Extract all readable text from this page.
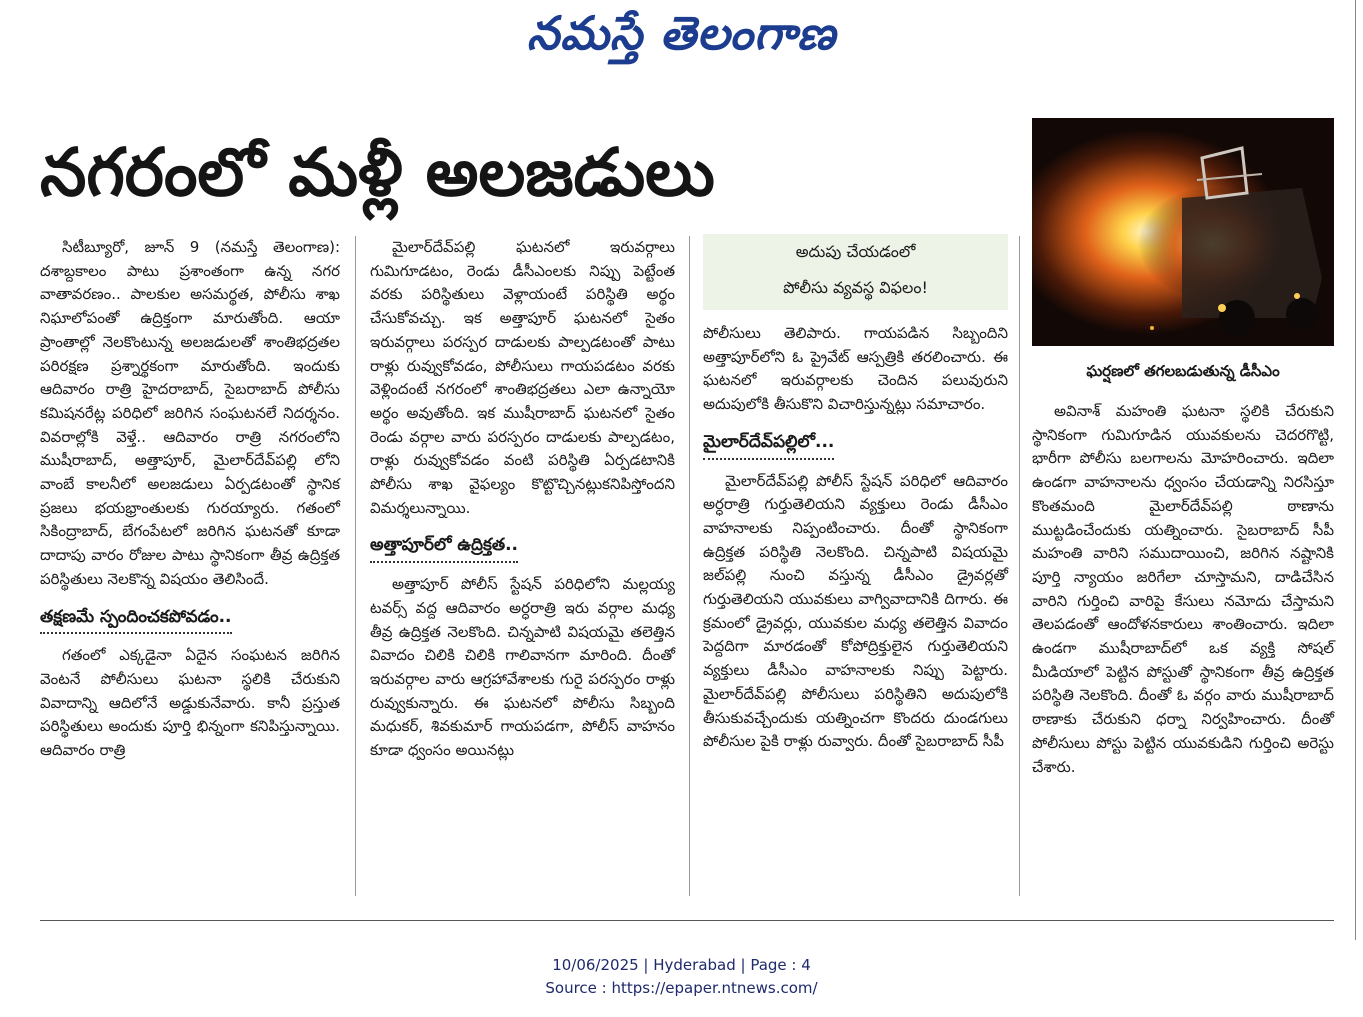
నమస్తే తెలంగాణ
నగరంలో మళ్లీ అలజడులు

సిటీబ్యూరో, జూన్ 9 (నమస్తే తెలంగాణ): దశాబ్దకాలం పాటు ప్రశాంతంగా ఉన్న నగర వాతావరణం.. పాలకుల అసమర్థత, పోలీసు శాఖ నిఘాలోపంతో ఉద్రిక్తంగా మారుతోంది. ఆయా ప్రాంతాల్లో నెలకొంటున్న అలజడులతో శాంతిభద్రతల పరిరక్షణ ప్రశ్నార్థకంగా మారుతోంది. ఇందుకు ఆదివారం రాత్రి హైదరాబాద్, సైబరాబాద్ పోలీసు కమిషనరేట్ల పరిధిలో జరిగిన సంఘటనలే నిదర్శనం. వివరాల్లోకి వెళ్తే.. ఆదివారం రాత్రి నగరంలోని ముషీరాబాద్, అత్తాపూర్, మైలార్‌దేవ్‌పల్లి లోని వాంబే కాలనీలో అలజడులు ఏర్పడటంతో స్థానిక ప్రజలు భయభ్రాంతులకు గురయ్యారు. గతంలో సికింద్రాబాద్, బేగంపేటలో జరిగిన ఘటనతో కూడా దాదాపు వారం రోజుల పాటు స్థానికంగా తీవ్ర ఉద్రిక్తత పరిస్థితులు నెలకొన్న విషయం తెలిసిందే.

తక్షణమే స్పందించకపోవడం..

గతంలో ఎక్కడైనా ఏదైన సంఘటన జరిగిన వెంటనే పోలీసులు ఘటనా స్థలికి చేరుకుని వివాదాన్ని ఆదిలోనే అడ్డుకునేవారు. కానీ ప్రస్తుత పరిస్థితులు అందుకు పూర్తి భిన్నంగా కనిపిస్తున్నాయి. ఆదివారం రాత్రి

మైలార్‌దేవ్‌పల్లి ఘటనలో ఇరువర్గాలు గుమిగూడటం, రెండు డీసీఎంలకు నిప్పు పెట్టేంత వరకు పరిస్థితులు వెళ్లాయంటే పరిస్థితి అర్థం చేసుకోవచ్చు. ఇక అత్తాపూర్ ఘటనలో సైతం ఇరువర్గాలు పరస్పర దాడులకు పాల్పడటంతో పాటు రాళ్లు రువ్వుకోవడం, పోలీసులు గాయపడటం వరకు వెళ్లిందంటే నగరంలో శాంతిభద్రతలు ఎలా ఉన్నాయో అర్థం అవుతోంది. ఇక ముషీరాబాద్ ఘటనలో సైతం రెండు వర్గాల వారు పరస్పరం దాడులకు పాల్పడటం, రాళ్లు రువ్వుకోవడం వంటి పరిస్థితి ఏర్పడటానికి పోలీసు శాఖ వైఫల్యం కొట్టొచ్చినట్లుకనిపిస్తోందని విమర్శలున్నాయి.

అత్తాపూర్‌లో ఉద్రిక్తత..

అత్తాపూర్ పోలీస్ స్టేషన్ పరిధిలోని మల్లయ్య టవర్స్ వద్ద ఆదివారం అర్ధరాత్రి ఇరు వర్గాల మధ్య తీవ్ర ఉద్రిక్తత నెలకొంది. చిన్నపాటి విషయమై తలెత్తిన వివాదం చిలికి చిలికి గాలివానగా మారింది. దీంతో ఇరువర్గాల వారు ఆగ్రహావేశాలకు గురై పరస్పరం రాళ్లు రువ్వుకున్నారు. ఈ ఘటనలో పోలీసు సిబ్బంది మధుకర్, శివకుమార్ గాయపడగా, పోలీస్ వాహనం కూడా ధ్వంసం అయినట్లు

అదుపు చేయడంలో
పోలీసు వ్యవస్థ విఫలం!

పోలీసులు తెలిపారు. గాయపడిన సిబ్బందిని అత్తాపూర్‌లోని ఓ ప్రైవేట్ ఆస్పత్రికి తరలించారు. ఈ ఘటనలో ఇరువర్గాలకు చెందిన పలువురుని అదుపులోకి తీసుకొని విచారిస్తున్నట్లు సమాచారం.

మైలార్‌దేవ్‌పల్లిలో...

మైలార్‌దేవ్‌పల్లి పోలీస్ స్టేషన్ పరిధిలో ఆదివారం అర్ధరాత్రి గుర్తుతెలియని వ్యక్తులు రెండు డీసీఎం వాహనాలకు నిప్పంటించారు. దీంతో స్థానికంగా ఉద్రిక్తత పరిస్థితి నెలకొంది. చిన్నపాటి విషయమై జల్‌పల్లి నుంచి వస్తున్న డీసీఎం డ్రైవర్లతో గుర్తుతెలియని యువకులు వాగ్వివాదానికి దిగారు. ఈ క్రమంలో డ్రైవర్లు, యువకుల మధ్య తలెత్తిన వివాదం పెద్దదిగా మారడంతో కోపోద్రిక్తులైన గుర్తుతెలియని వ్యక్తులు డీసీఎం వాహనాలకు నిప్పు పెట్టారు. మైలార్‌దేవ్‌పల్లి పోలీసులు పరిస్థితిని అదుపులోకి తీసుకువచ్చేందుకు యత్నించగా కొందరు దుండగులు పోలీసుల పైకి రాళ్లు రువ్వారు. దీంతో సైబరాబాద్ సీపీ

ఘర్షణలో తగలబడుతున్న డీసీఎం

అవినాశ్ మహంతి ఘటనా స్థలికి చేరుకుని స్థానికంగా గుమిగూడిన యువకులను చెదరగొట్టి, భారీగా పోలీసు బలగాలను మోహరించారు. ఇదిలా ఉండగా వాహనాలను ధ్వంసం చేయడాన్ని నిరసిస్తూ కొంతమంది మైలార్‌దేవ్‌పల్లి ఠాణాను ముట్టడించేందుకు యత్నించారు. సైబరాబాద్ సీపీ మహంతి వారిని సముదాయించి, జరిగిన నష్టానికి పూర్తి న్యాయం జరిగేలా చూస్తామని, దాడిచేసిన వారిని గుర్తించి వారిపై కేసులు నమోదు చేస్తామని తెలపడంతో ఆందోళనకారులు శాంతించారు. ఇదిలా ఉండగా ముషీరాబాద్‌లో ఒక వ్యక్తి సోషల్ మీడియాలో పెట్టిన పోస్టుతో స్థానికంగా తీవ్ర ఉద్రిక్తత పరిస్థితి నెలకొంది. దీంతో ఓ వర్గం వారు ముషీరాబాద్ ఠాణాకు చేరుకుని ధర్నా నిర్వహించారు. దీంతో పోలీసులు పోస్టు పెట్టిన యువకుడిని గుర్తించి అరెస్టు చేశారు.

10/06/2025 | Hyderabad | Page : 4
Source : https://epaper.ntnews.com/
